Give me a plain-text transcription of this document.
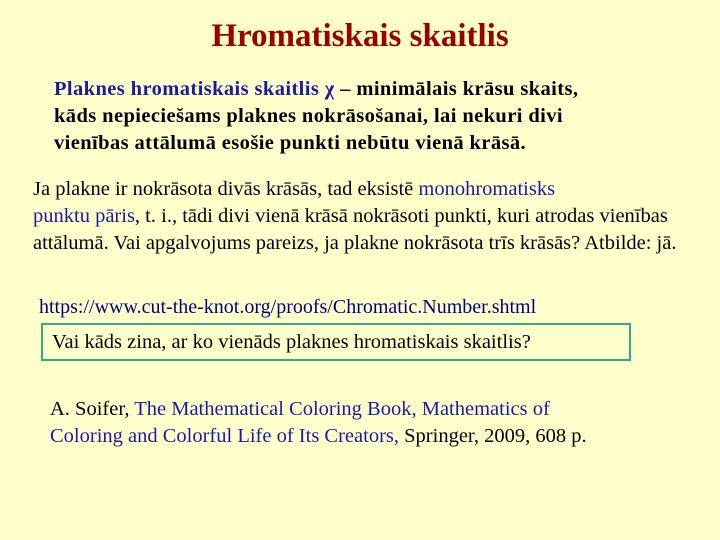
Hromatiskais skaitlis
Plaknes hromatiskais skaitlis χ – minimālais krāsu skaits,
kāds nepieciešams plaknes nokrāsošanai, lai nekuri divi
vienības attālumā esošie punkti nebūtu vienā krāsā.
Ja plakne ir nokrāsota divās krāsās, tad eksistē monohromatisks
punktu pāris, t. i., tādi divi vienā krāsā nokrāsoti punkti, kuri atrodas vienības attālumā. Vai apgalvojums pareizs, ja plakne nokrāsota trīs krāsās? Atbilde: jā.
https://www.cut-the-knot.org/proofs/Chromatic.Number.shtml
Vai kāds zina, ar ko vienāds plaknes hromatiskais skaitlis?
A. Soifer, The Mathematical Coloring Book, Mathematics of
Coloring and Colorful Life of Its Creators, Springer, 2009, 608 p.
